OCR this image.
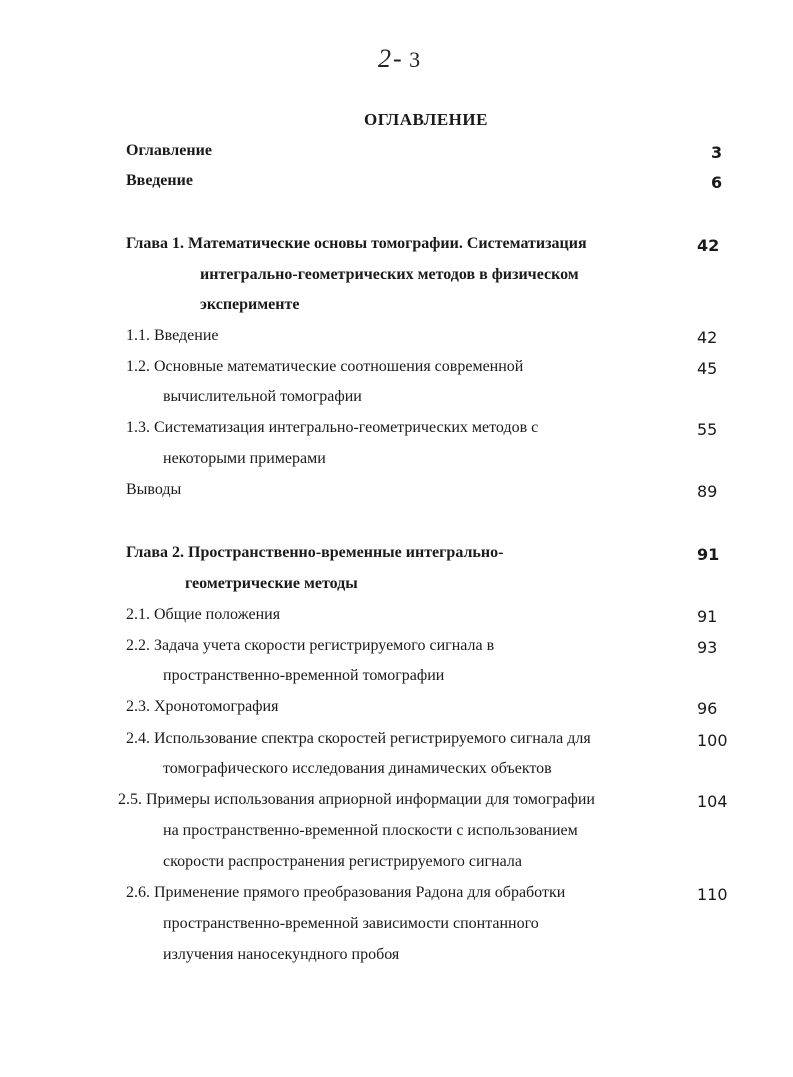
2- 3
ОГЛАВЛЕНИЕ
Оглавление	3
Введение	6
Глава 1. Математические основы томографии. Систематизация	42
интегрально-геометрических методов в физическом
эксперименте
1.1. Введение	42
1.2. Основные математические соотношения современной	45
вычислительной томографии
1.3. Систематизация интегрально-геометрических методов с	55
некоторыми примерами
Выводы	89
Глава 2. Пространственно-временные интегрально-	91
геометрические методы
2.1. Общие положения	91
2.2. Задача учета скорости регистрируемого сигнала в	93
пространственно-временной томографии
2.3. Хронотомография	96
2.4. Использование спектра скоростей регистрируемого сигнала для	100
томографического исследования динамических объектов
2.5. Примеры использования априорной информации для томографии	104
на пространственно-временной плоскости с использованием
скорости распространения регистрируемого сигнала
2.6. Применение прямого преобразования Радона для обработки	110
пространственно-временной зависимости спонтанного
излучения наносекундного пробоя
